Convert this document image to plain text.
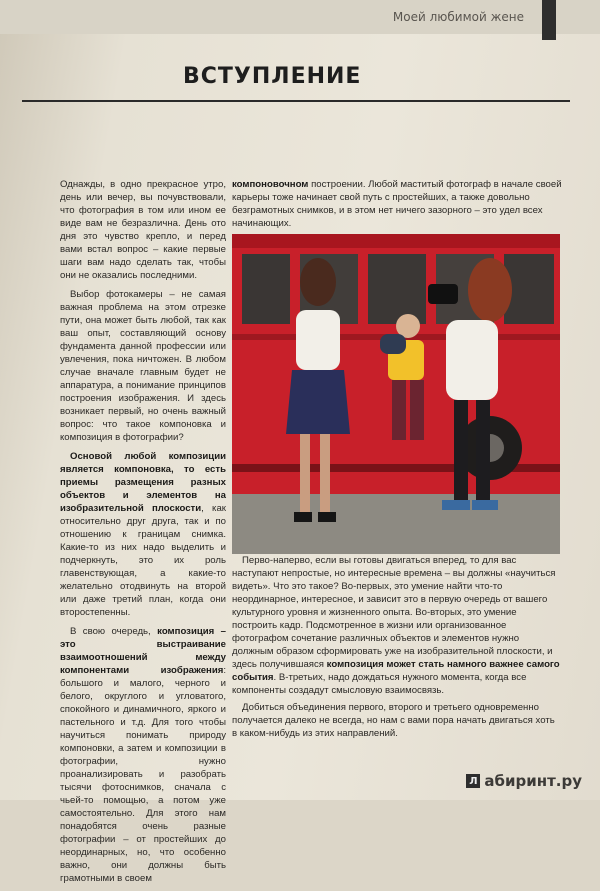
Моей любимой жене
ВСТУПЛЕНИЕ

Однажды, в одно прекрасное утро, день или вечер, вы почувствовали, что фотография в том или ином ее виде вам не безразлична. День ото дня это чувство крепло, и перед вами встал вопрос – какие первые шаги вам надо сделать так, чтобы они не оказались последними.

Выбор фотокамеры – не самая важная проблема на этом отрезке пути, она может быть любой, так как ваш опыт, составляющий основу фундамента данной профессии или увлечения, пока ничтожен. В любом случае вначале главным будет не аппаратура, а понимание принципов построения изображения. И здесь возникает первый, но очень важный вопрос: что такое компоновка и композиция в фотографии?

Основой любой композиции является компоновка, то есть приемы размещения разных объектов и элементов на изобразительной плоскости, как относительно друг друга, так и по отношению к границам снимка. Какие-то из них надо выделить и подчеркнуть, это их роль главенствующая, а какие-то желательно отодвинуть на второй или даже третий план, когда они второстепенны.

В свою очередь, композиция – это выстраивание взаимоотношений между компонентами изображения: большого и малого, черного и белого, округлого и угловатого, спокойного и динамичного, яркого и пастельного и т.д. Для того чтобы научиться понимать природу компоновки, а затем и композиции в фотографии, нужно проанализировать и разобрать тысячи фотоснимков, сначала с чьей-то помощью, а потом уже самостоятельно. Для этого нам понадобятся очень разные фотографии – от простейших до неординарных, но, что особенно важно, они должны быть грамотными в своем

компоновочном построении. Любой маститый фотограф в начале своей карьеры тоже начинает свой путь с простейших, а также довольно безграмотных снимков, и в этом нет ничего зазорного – это удел всех начинающих.

Перво-наперво, если вы готовы двигаться вперед, то для вас наступают непростые, но интересные времена – вы должны «научиться видеть». Что это такое? Во-первых, это умение найти что-то неординарное, интересное, и зависит это в первую очередь от вашего культурного уровня и жизненного опыта. Во-вторых, это умение построить кадр. Подсмотренное в жизни или организованное фотографом сочетание различных объектов и элементов нужно должным образом сформировать уже на изобразительной плоскости, и здесь получившаяся композиция может стать намного важнее самого события. В-третьих, надо дождаться нужного момента, когда все компоненты создадут смысловую взаимосвязь.

Добиться объединения первого, второго и третьего одновременно получается далеко не всегда, но нам с вами пора начать двигаться хоть в каком-нибудь из этих направлений.

Л абиринт.ру
